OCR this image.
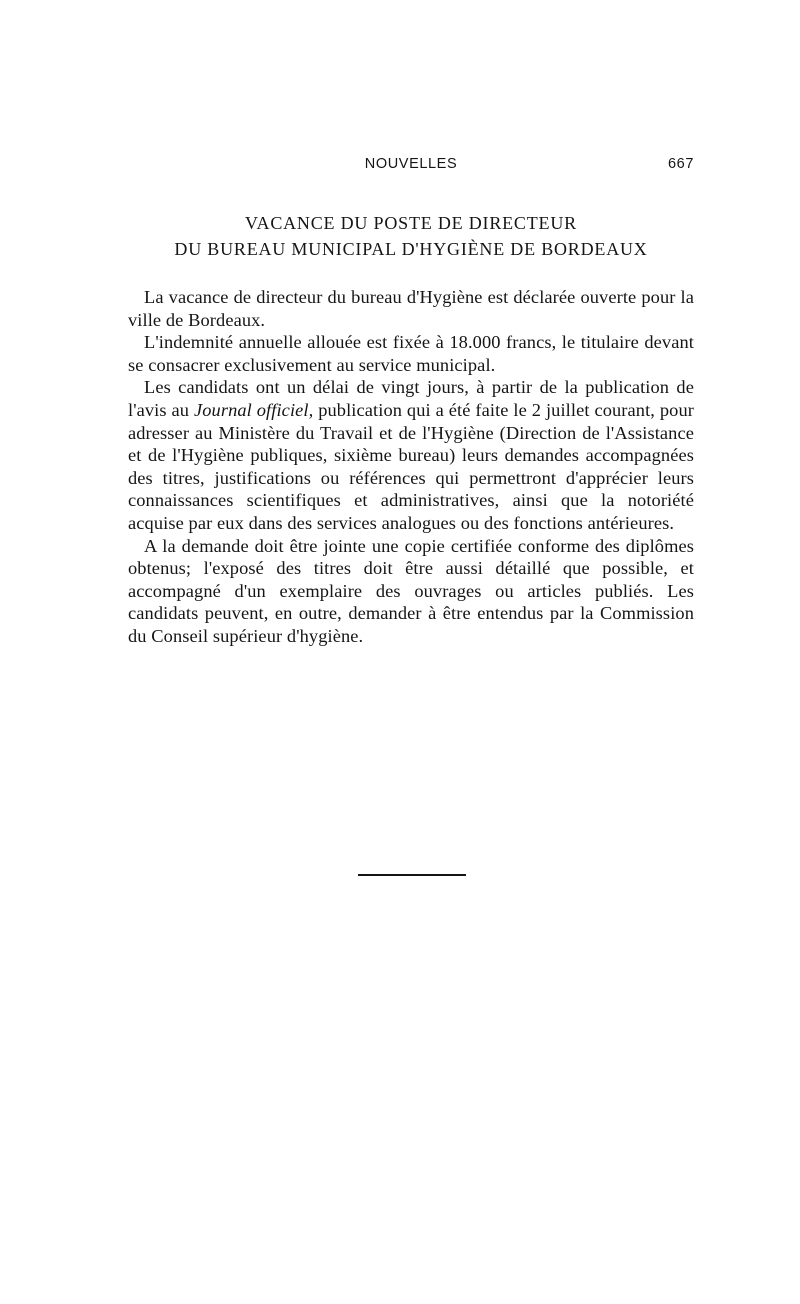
NOUVELLES	667
VACANCE DU POSTE DE DIRECTEUR
DU BUREAU MUNICIPAL D'HYGIÈNE DE BORDEAUX

La vacance de directeur du bureau d'Hygiène est déclarée ouverte pour la ville de Bordeaux.

L'indemnité annuelle allouée est fixée à 18.000 francs, le titulaire devant se consacrer exclusivement au service municipal.

Les candidats ont un délai de vingt jours, à partir de la publication de l'avis au Journal officiel, publication qui a été faite le 2 juillet courant, pour adresser au Ministère du Travail et de l'Hygiène (Direction de l'Assistance et de l'Hygiène publiques, sixième bureau) leurs demandes accompagnées des titres, justifications ou références qui permettront d'apprécier leurs connaissances scientifiques et administratives, ainsi que la notoriété acquise par eux dans des services analogues ou des fonctions antérieures.

A la demande doit être jointe une copie certifiée conforme des diplômes obtenus; l'exposé des titres doit être aussi détaillé que possible, et accompagné d'un exemplaire des ouvrages ou articles publiés. Les candidats peuvent, en outre, demander à être entendus par la Commission du Conseil supérieur d'hygiène.
